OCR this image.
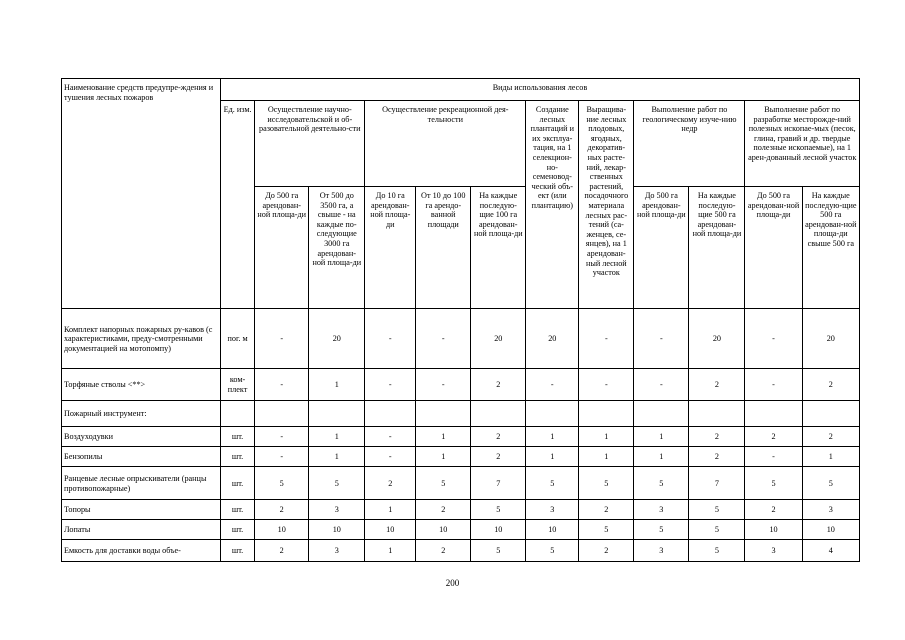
Наименование средств предупре-ждения и тушения лесных пожаров	Виды использования лесов											
	Ед. изм.	Осуществление научно-исследовательской и об-разовательной деятельно-сти		Осуществление рекреационной дея-тельности			Создание лесных плантаций и их эксплуа-тация, на 1 селекцион-но-семеновод-ческий объ-ект (или плантацию)	Выращива-ние лесных плодовых, ягодных, декоратив-ных расте-ний, лекар-ственных растений, посадочного материала лесных рас-тений (са-женцев, се-янцев), на 1 арендован-ный лесной участок	Выполнение работ по геологическому изуче-нию недр		Выполнение работ по разработке месторожде-ний полезных ископае-мых (песок, глина, гравий и др. твердые полезные ископаемые), на 1 арен-дованный лесной участок	
		До 500 га арендован-ной площа-ди	От 500 до 3500 га, а свыше - на каждые по-следующие 3000 га арендован-ной площа-ди	До 10 га арендован-ной площа-ди	От 10 до 100 га арендо-ванной площади	На каждые последую-щие 100 га арендован-ной площа-ди			До 500 га арендован-ной площа-ди	На каждые последую-щие 500 га арендован-ной площа-ди	До 500 га арендован-ной площа-ди	На каждые последую-щие 500 га арендован-ной площа-ди свыше 500 га
Комплект напорных пожарных ру-кавов (с характеристиками, преду-смотренными документацией на мотопомпу)	пог. м	-	20	-	-	20	20	-	-	20	-	20
Торфяные стволы <**>	ком-плект	-	1	-	-	2	-	-	-	2	-	2
Пожарный инструмент:												
Воздуходувки	шт.	-	1	-	1	2	1	1	1	2	2	2
Бензопилы	шт.	-	1	-	1	2	1	1	1	2	-	1
Ранцевые лесные опрыскиватели (ранцы противопожарные)	шт.	5	5	2	5	7	5	5	5	7	5	5
Топоры	шт.	2	3	1	2	5	3	2	3	5	2	3
Лопаты	шт.	10	10	10	10	10	10	5	5	5	10	10
Емкость для доставки воды объе-	шт.	2	3	1	2	5	5	2	3	5	3	4
200
